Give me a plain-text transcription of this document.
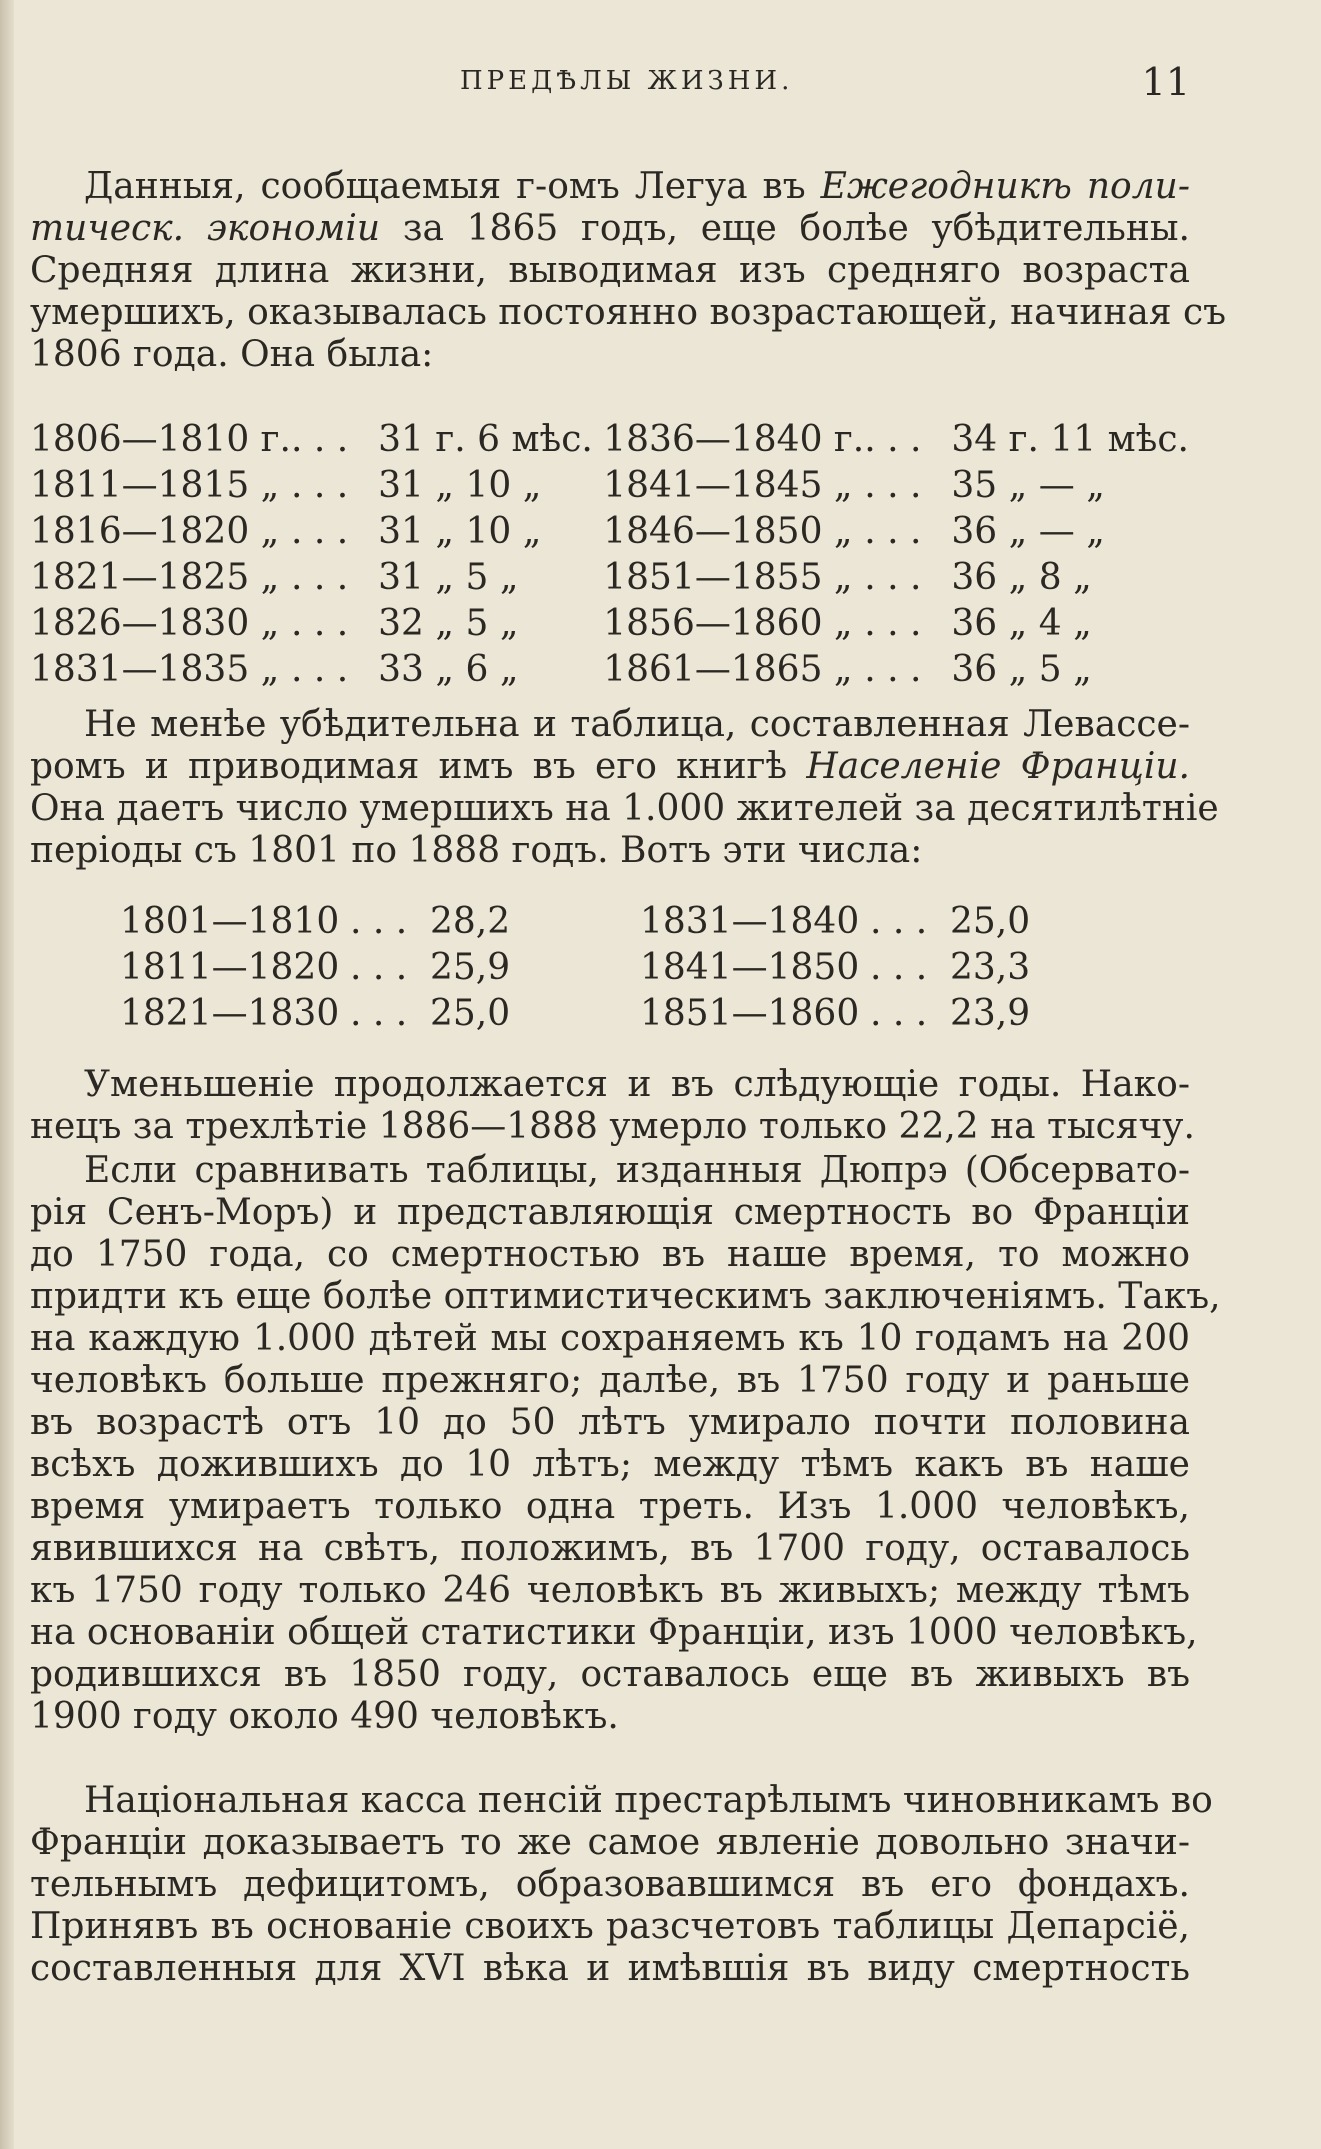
ПРЕДѢЛЫ ЖИЗНИ.	11

Данныя, сообщаемыя г-омъ Легуа въ Ежегодникѣ поли-
тическ. экономіи за 1865 годъ, еще болѣе убѣдительны.
Средняя длина жизни, выводимая изъ средняго возраста
умершихъ, оказывалась постоянно возрастающей, начиная съ
1806 года. Она была:

1806—1810 г.	. . .	31 г. 6 мѣс.	1836—1840 г.	. . .	34 г. 11 мѣс.
1811—1815 „	. . .	31 „ 10 „	1841—1845 „	. . .	35 „ — „
1816—1820 „	. . .	31 „ 10 „	1846—1850 „	. . .	36 „ — „
1821—1825 „	. . .	31 „ 5 „	1851—1855 „	. . .	36 „ 8 „
1826—1830 „	. . .	32 „ 5 „	1856—1860 „	. . .	36 „ 4 „
1831—1835 „	. . .	33 „ 6 „	1861—1865 „	. . .	36 „ 5 „

Не менѣе убѣдительна и таблица, составленная Левассе-
ромъ и приводимая имъ въ его книгѣ Населеніе Франціи.
Она даетъ число умершихъ на 1.000 жителей за десятилѣтніе
періоды съ 1801 по 1888 годъ. Вотъ эти числа:

1801—1810	. . .	28,2	1831—1840	. . .	25,0
1811—1820	. . .	25,9	1841—1850	. . .	23,3
1821—1830	. . .	25,0	1851—1860	. . .	23,9

Уменьшеніе продолжается и въ слѣдующіе годы. Нако-
нецъ за трехлѣтіе 1886—1888 умерло только 22,2 на тысячу.

Если сравнивать таблицы, изданныя Дюпрэ (Обсервато-
рія Сенъ-Моръ) и представляющія смертность во Франціи
до 1750 года, со смертностью въ наше время, то можно
придти къ еще болѣе оптимистическимъ заключеніямъ. Такъ,
на каждую 1.000 дѣтей мы сохраняемъ къ 10 годамъ на 200
человѣкъ больше прежняго; далѣе, въ 1750 году и раньше
въ возрастѣ отъ 10 до 50 лѣтъ умирало почти половина
всѣхъ дожившихъ до 10 лѣтъ; между тѣмъ какъ въ наше
время умираетъ только одна треть. Изъ 1.000 человѣкъ,
явившихся на свѣтъ, положимъ, въ 1700 году, оставалось
къ 1750 году только 246 человѣкъ въ живыхъ; между тѣмъ
на основаніи общей статистики Франціи, изъ 1000 человѣкъ,
родившихся въ 1850 году, оставалось еще въ живыхъ въ
1900 году около 490 человѣкъ.

Національная касса пенсій престарѣлымъ чиновникамъ во
Франціи доказываетъ то же самое явленіе довольно значи-
тельнымъ дефицитомъ, образовавшимся въ его фондахъ.
Принявъ въ основаніе своихъ разсчетовъ таблицы Депарсіё,
составленныя для XVI вѣка и имѣвшія въ виду смертность
